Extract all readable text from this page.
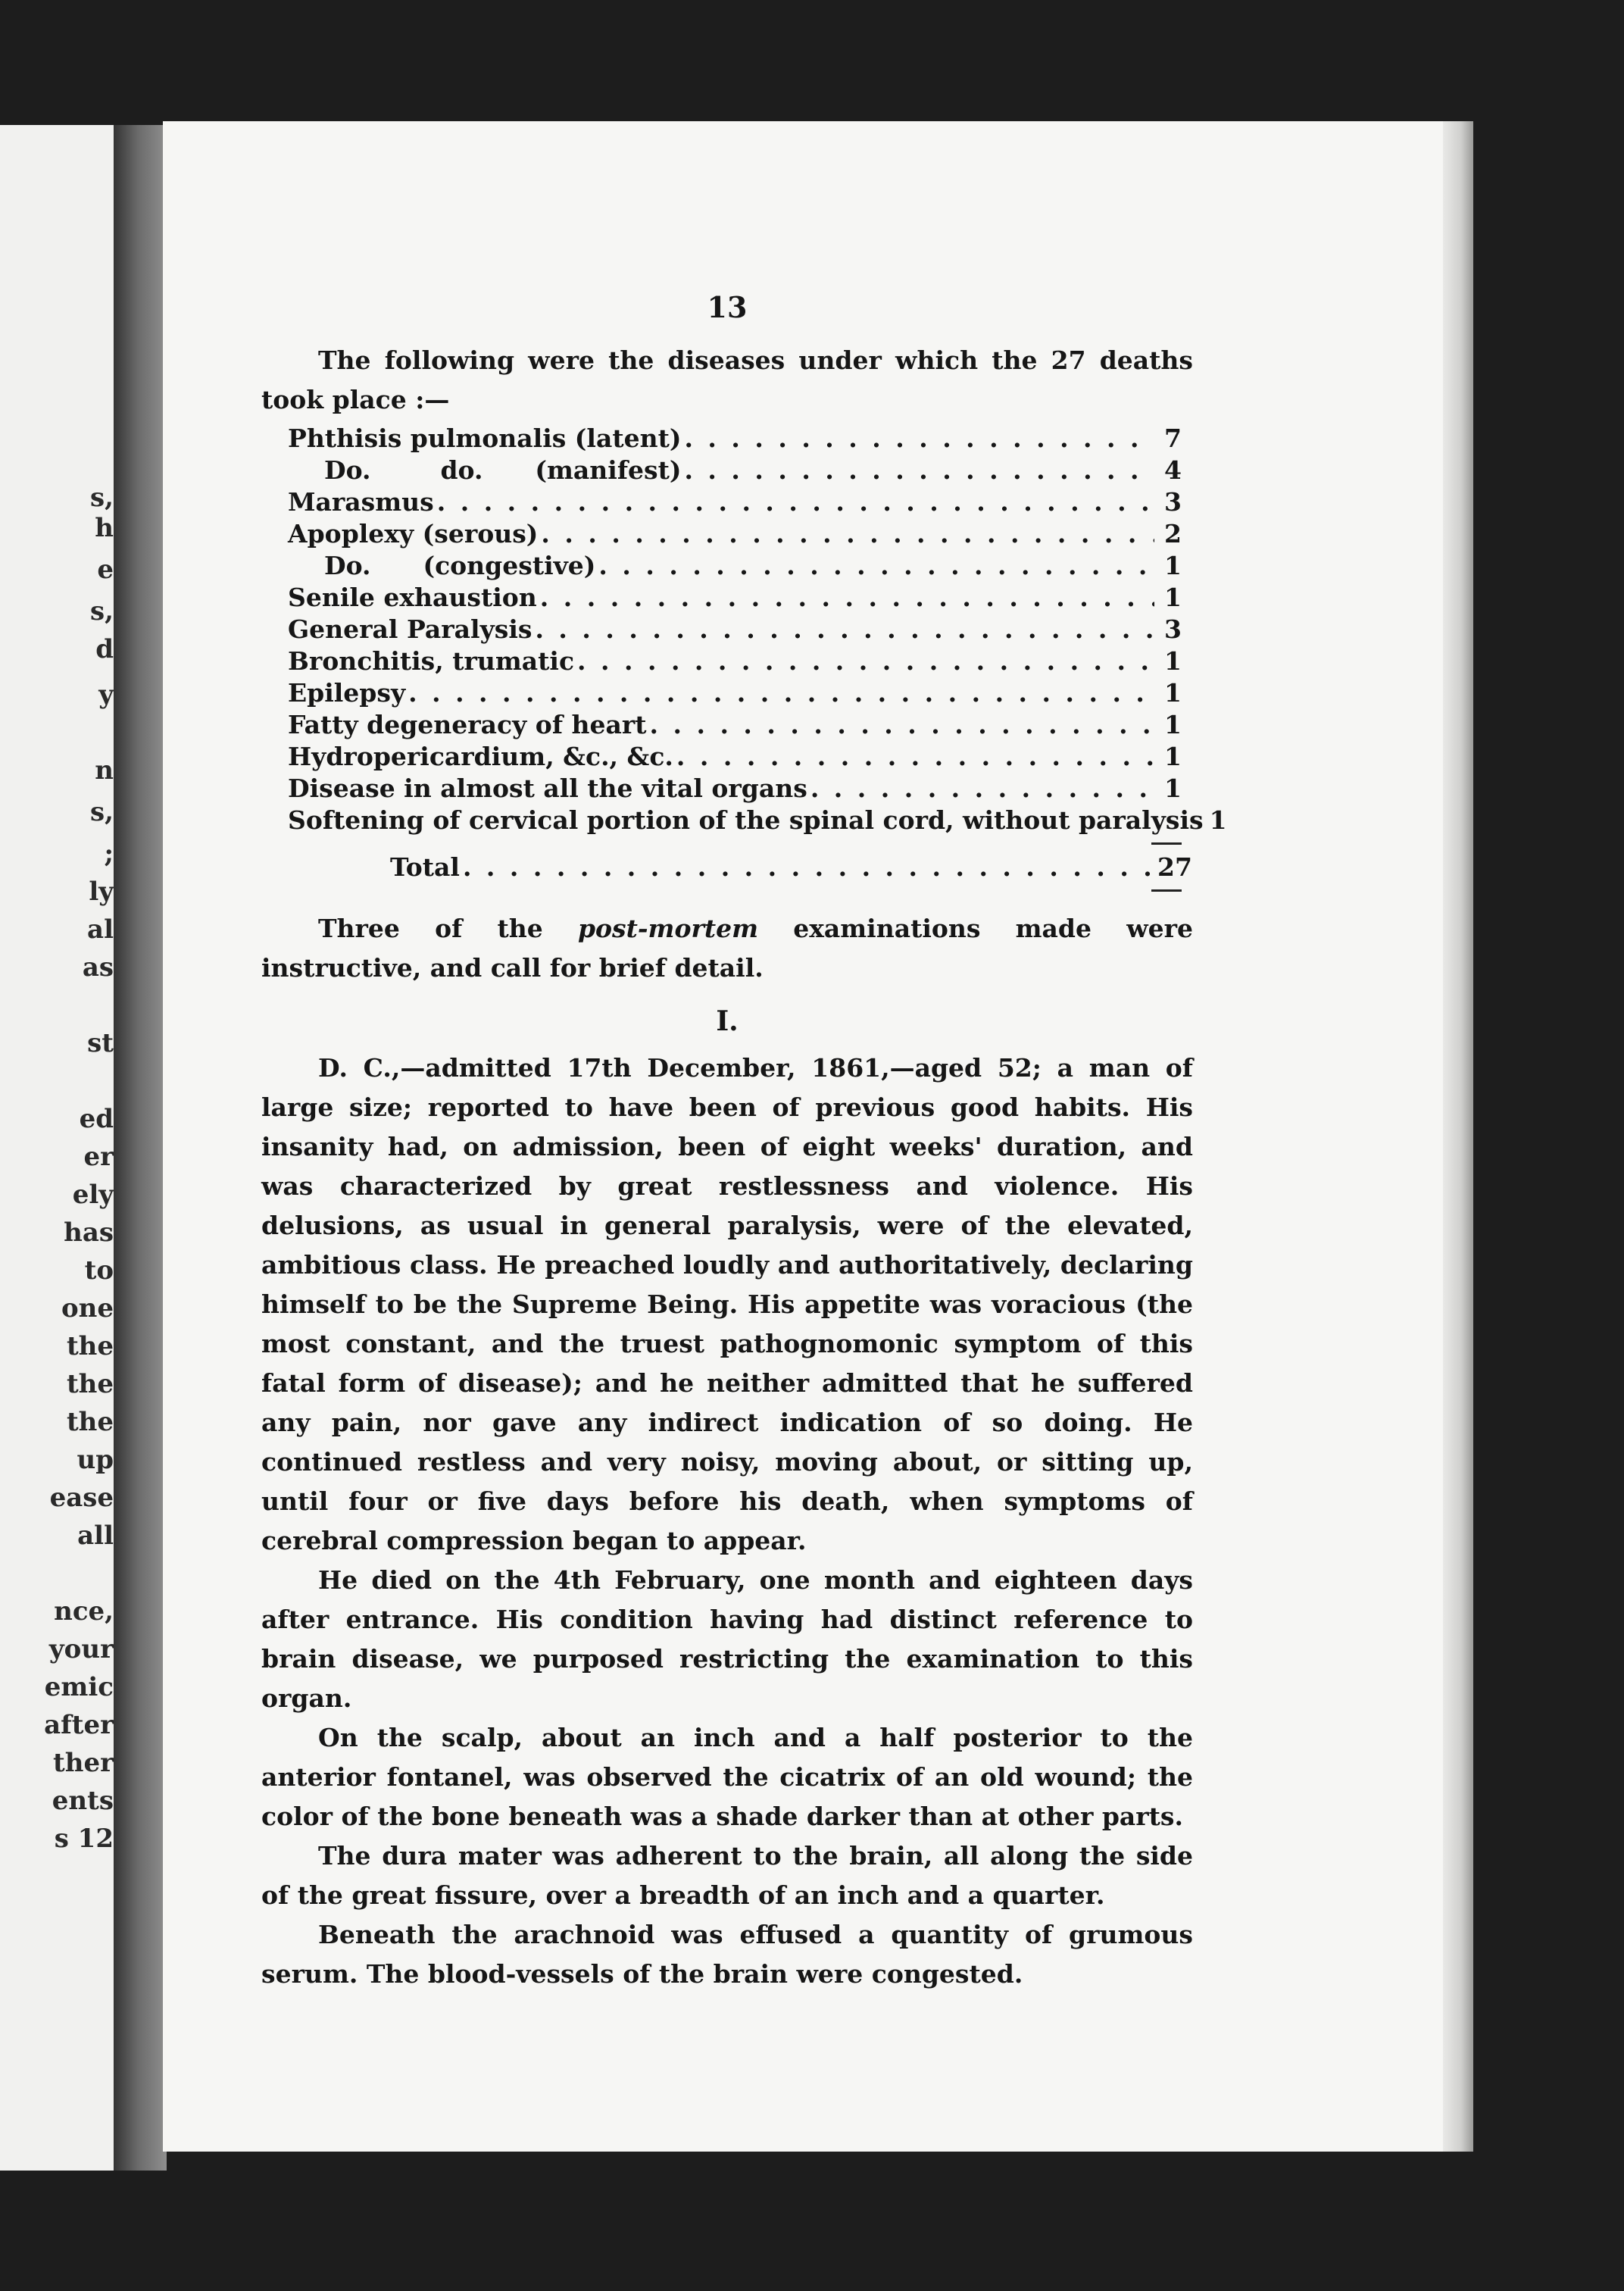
s,
h
e
s,
d
y
n
s,
;
ly
al
as
st
ed
er
ely
has
to
one
the
the
the
up
ease
all
nce,
your
emic
after
ther
ents
s 12
13

The following were the diseases under which the 27 deaths took place :—

Phthisis pulmonalis (latent) . . .	7
Do.        do.      (manifest) . . .	4
Marasmus . . .	3
Apoplexy (serous) . . .	2
Do.      (congestive) . . .	1
Senile exhaustion . . .	1
General Paralysis . . .	3
Bronchitis, trumatic . . .	1
Epilepsy . . .	1
Fatty degeneracy of heart . . .	1
Hydropericardium, &c., &c. . . .	1
Disease in almost all the vital organs . . .	1
Softening of cervical portion of the spinal cord, without paralysis 1
Total . . .	27

Three of the post-mortem examinations made were instructive, and call for brief detail.

I.

D. C.,—admitted 17th December, 1861,—aged 52; a man of large size; reported to have been of previous good habits. His insanity had, on admission, been of eight weeks' duration, and was characterized by great restlessness and violence. His delusions, as usual in general paralysis, were of the elevated, ambitious class. He preached loudly and authoritatively, declaring himself to be the Supreme Being. His appetite was voracious (the most constant, and the truest pathognomonic symptom of this fatal form of disease); and he neither admitted that he suffered any pain, nor gave any indirect indication of so doing. He continued restless and very noisy, moving about, or sitting up, until four or five days before his death, when symptoms of cerebral compression began to appear.

He died on the 4th February, one month and eighteen days after entrance. His condition having had distinct reference to brain disease, we purposed restricting the examination to this organ.

On the scalp, about an inch and a half posterior to the anterior fontanel, was observed the cicatrix of an old wound; the color of the bone beneath was a shade darker than at other parts.

The dura mater was adherent to the brain, all along the side of the great fissure, over a breadth of an inch and a quarter.

Beneath the arachnoid was effused a quantity of grumous serum. The blood-vessels of the brain were congested.
